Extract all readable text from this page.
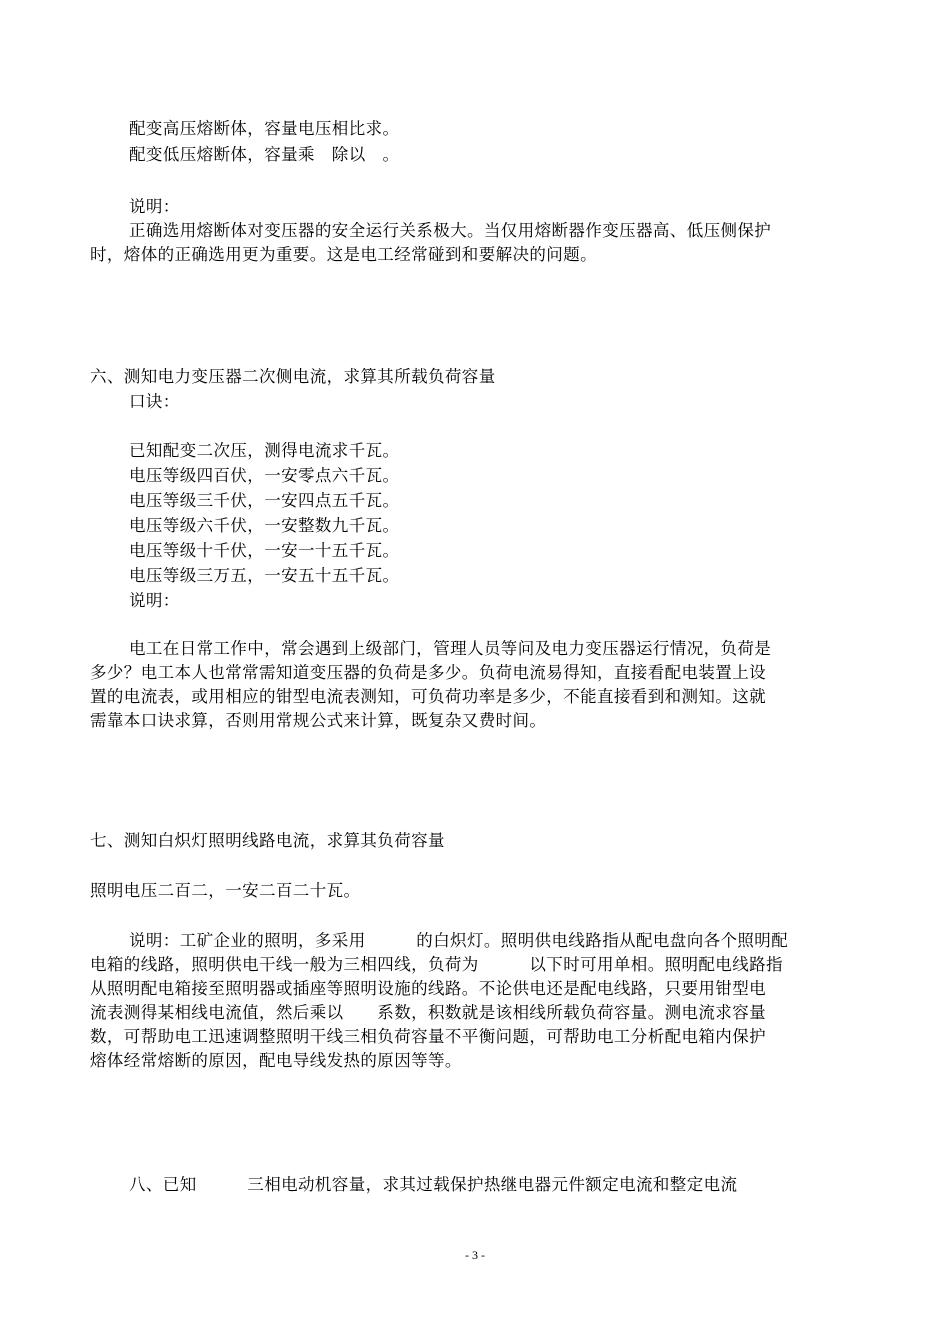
配变高压熔断体，容量电压相比求。
配变低压熔断体，容量乘　除以　。
说明：
正确选用熔断体对变压器的安全运行关系极大。当仅用熔断器作变压器高、低压侧保护
时，熔体的正确选用更为重要。这是电工经常碰到和要解决的问题。
六、测知电力变压器二次侧电流，求算其所载负荷容量
口诀：
已知配变二次压，测得电流求千瓦。
电压等级四百伏，一安零点六千瓦。
电压等级三千伏，一安四点五千瓦。
电压等级六千伏，一安整数九千瓦。
电压等级十千伏，一安一十五千瓦。
电压等级三万五，一安五十五千瓦。
说明：
电工在日常工作中，常会遇到上级部门，管理人员等问及电力变压器运行情况，负荷是
多少？电工本人也常常需知道变压器的负荷是多少。负荷电流易得知，直接看配电装置上设
置的电流表，或用相应的钳型电流表测知，可负荷功率是多少，不能直接看到和测知。这就
需靠本口诀求算，否则用常规公式来计算，既复杂又费时间。
七、测知白炽灯照明线路电流，求算其负荷容量
照明电压二百二，一安二百二十瓦。
说明：工矿企业的照明，多采用　　　的白炽灯。照明供电线路指从配电盘向各个照明配
电箱的线路，照明供电干线一般为三相四线，负荷为　　　以下时可用单相。照明配电线路指
从照明配电箱接至照明器或插座等照明设施的线路。不论供电还是配电线路，只要用钳型电
流表测得某相线电流值，然后乘以　　系数，积数就是该相线所载负荷容量。测电流求容量
数，可帮助电工迅速调整照明干线三相负荷容量不平衡问题，可帮助电工分析配电箱内保护
熔体经常熔断的原因，配电导线发热的原因等等。
八、已知　　　三相电动机容量，求其过载保护热继电器元件额定电流和整定电流
- 3 -
